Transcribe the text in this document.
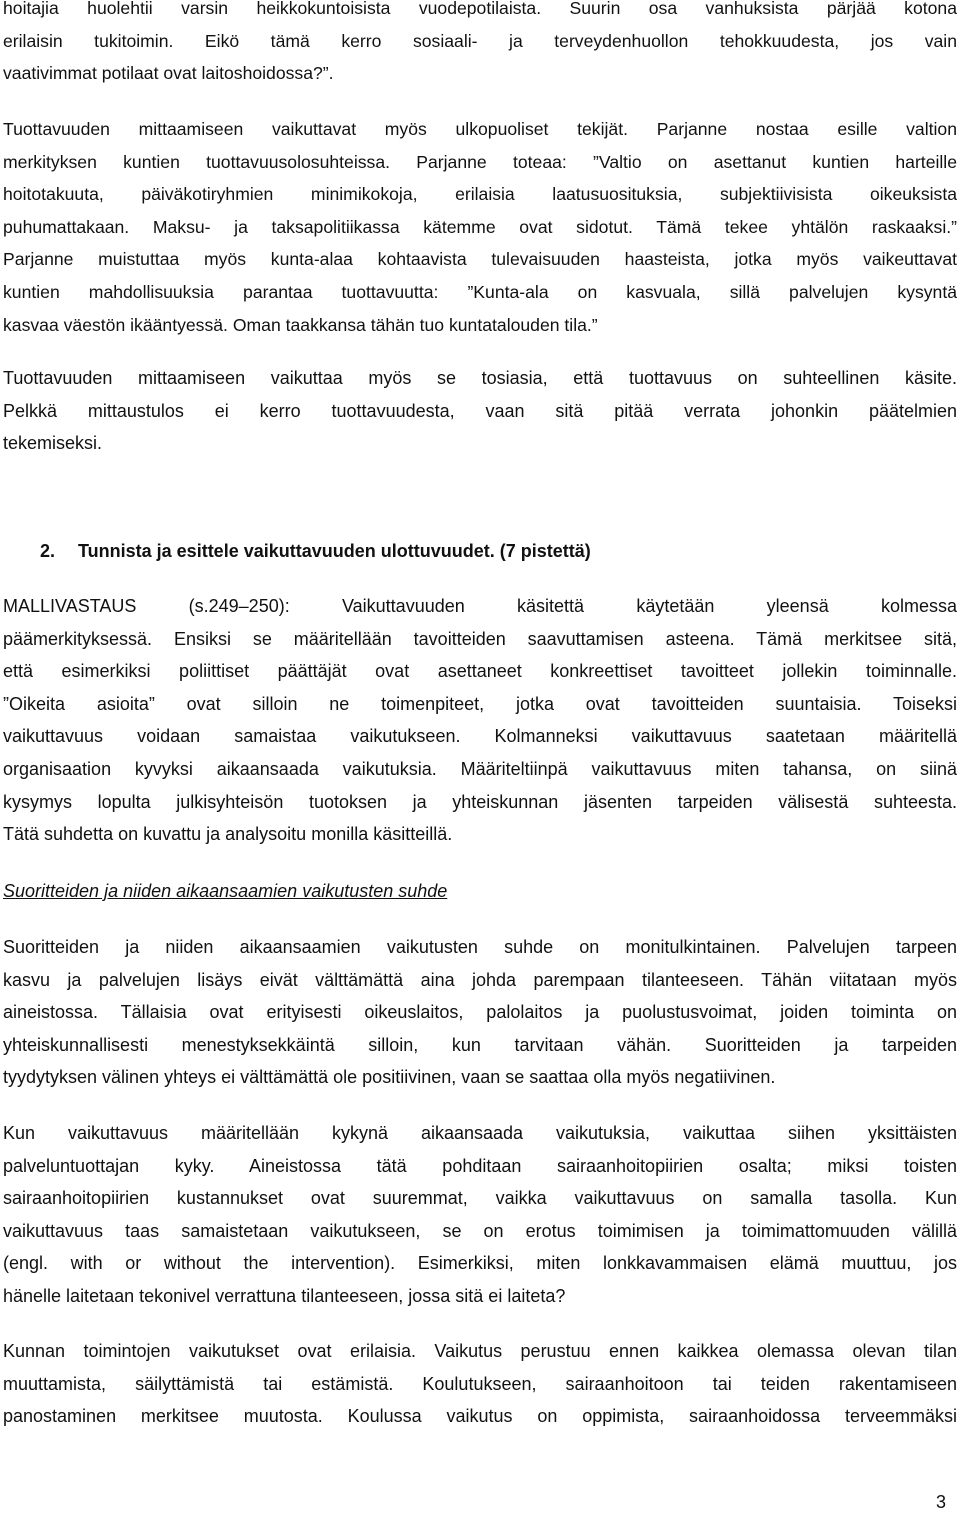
hoitajia huolehtii varsin heikkokuntoisista vuodepotilaista. Suurin osa vanhuksista pärjää kotona
erilaisin tukitoimin. Eikö tämä kerro sosiaali- ja terveydenhuollon tehokkuudesta, jos vain
vaativimmat potilaat ovat laitoshoidossa?”.
Tuottavuuden mittaamiseen vaikuttavat myös ulkopuoliset tekijät. Parjanne nostaa esille valtion
merkityksen kuntien tuottavuusolosuhteissa. Parjanne toteaa: ”Valtio on asettanut kuntien harteille
hoitotakuuta, päiväkotiryhmien minimikokoja, erilaisia laatusuosituksia, subjektiivisista oikeuksista
puhumattakaan. Maksu- ja taksapolitiikassa kätemme ovat sidotut. Tämä tekee yhtälön raskaaksi.”
Parjanne muistuttaa myös kunta-alaa kohtaavista tulevaisuuden haasteista, jotka myös vaikeuttavat
kuntien mahdollisuuksia parantaa tuottavuutta: ”Kunta-ala on kasvuala, sillä palvelujen kysyntä
kasvaa väestön ikääntyessä. Oman taakkansa tähän tuo kuntatalouden tila.”
Tuottavuuden mittaamiseen vaikuttaa myös se tosiasia, että tuottavuus on suhteellinen käsite.
Pelkkä mittaustulos ei kerro tuottavuudesta, vaan sitä pitää verrata johonkin päätelmien
tekemiseksi.

2. Tunnista ja esittele vaikuttavuuden ulottuvuudet. (7 pistettä)

MALLIVASTAUS (s.249–250): Vaikuttavuuden käsitettä käytetään yleensä kolmessa
päämerkityksessä. Ensiksi se määritellään tavoitteiden saavuttamisen asteena. Tämä merkitsee sitä,
että esimerkiksi poliittiset päättäjät ovat asettaneet konkreettiset tavoitteet jollekin toiminnalle.
”Oikeita asioita” ovat silloin ne toimenpiteet, jotka ovat tavoitteiden suuntaisia. Toiseksi
vaikuttavuus voidaan samaistaa vaikutukseen. Kolmanneksi vaikuttavuus saatetaan määritellä
organisaation kyvyksi aikaansaada vaikutuksia. Määriteltiinpä vaikuttavuus miten tahansa, on siinä
kysymys lopulta julkisyhteisön tuotoksen ja yhteiskunnan jäsenten tarpeiden välisestä suhteesta.
Tätä suhdetta on kuvattu ja analysoitu monilla käsitteillä.

Suoritteiden ja niiden aikaansaamien vaikutusten suhde

Suoritteiden ja niiden aikaansaamien vaikutusten suhde on monitulkintainen. Palvelujen tarpeen
kasvu ja palvelujen lisäys eivät välttämättä aina johda parempaan tilanteeseen. Tähän viitataan myös
aineistossa. Tällaisia ovat erityisesti oikeuslaitos, palolaitos ja puolustusvoimat, joiden toiminta on
yhteiskunnallisesti menestyksekkäintä silloin, kun tarvitaan vähän. Suoritteiden ja tarpeiden
tyydytyksen välinen yhteys ei välttämättä ole positiivinen, vaan se saattaa olla myös negatiivinen.
Kun vaikuttavuus määritellään kykynä aikaansaada vaikutuksia, vaikuttaa siihen yksittäisten
palveluntuottajan kyky. Aineistossa tätä pohditaan sairaanhoitopiirien osalta; miksi toisten
sairaanhoitopiirien kustannukset ovat suuremmat, vaikka vaikuttavuus on samalla tasolla. Kun
vaikuttavuus taas samaistetaan vaikutukseen, se on erotus toimimisen ja toimimattomuuden välillä
(engl. with or without the intervention). Esimerkiksi, miten lonkkavammaisen elämä muuttuu, jos
hänelle laitetaan tekonivel verrattuna tilanteeseen, jossa sitä ei laiteta?
Kunnan toimintojen vaikutukset ovat erilaisia. Vaikutus perustuu ennen kaikkea olemassa olevan tilan
muuttamista, säilyttämistä tai estämistä. Koulutukseen, sairaanhoitoon tai teiden rakentamiseen
panostaminen merkitsee muutosta. Koulussa vaikutus on oppimista, sairaanhoidossa terveemmäksi

3
